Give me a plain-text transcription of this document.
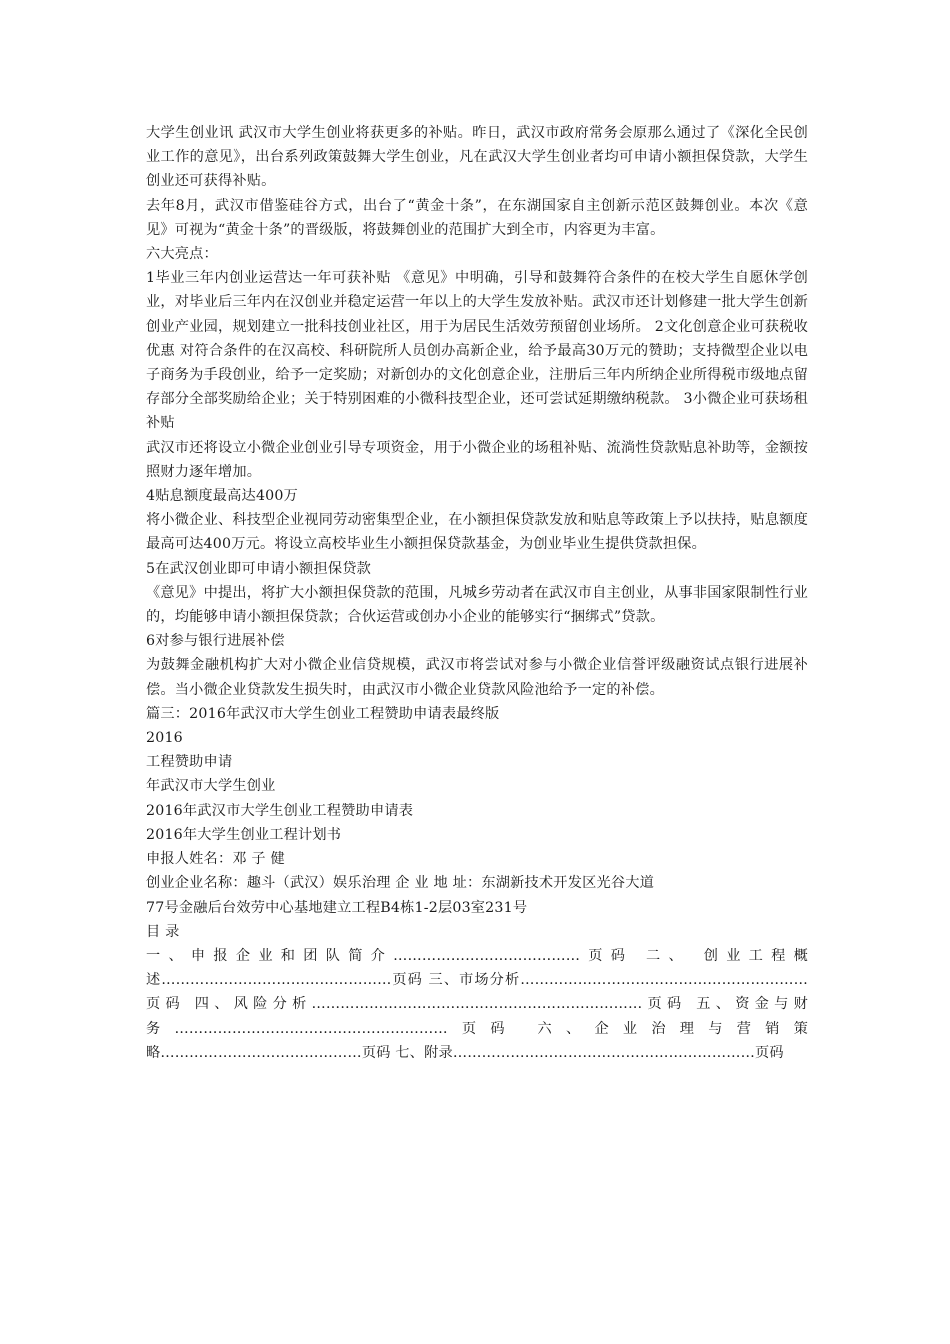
大学生创业讯 武汉市大学生创业将获更多的补贴。昨日，武汉市政府常务会原那么通过了《深化全民创业工作的意见》，出台系列政策鼓舞大学生创业，凡在武汉大学生创业者均可申请小额担保贷款，大学生创业还可获得补贴。

去年8月，武汉市借鉴硅谷方式，出台了“黄金十条”，在东湖国家自主创新示范区鼓舞创业。本次《意见》可视为“黄金十条”的晋级版，将鼓舞创业的范围扩大到全市，内容更为丰富。

六大亮点：

1毕业三年内创业运营达一年可获补贴 《意见》中明确，引导和鼓舞符合条件的在校大学生自愿休学创业，对毕业后三年内在汉创业并稳定运营一年以上的大学生发放补贴。武汉市还计划修建一批大学生创新创业产业园，规划建立一批科技创业社区，用于为居民生活效劳预留创业场所。 2文化创意企业可获税收优惠 对符合条件的在汉高校、科研院所人员创办高新企业，给予最高30万元的赞助；支持微型企业以电子商务为手段创业，给予一定奖励；对新创办的文化创意企业，注册后三年内所纳企业所得税市级地点留存部分全部奖励给企业；关于特别困难的小微科技型企业，还可尝试延期缴纳税款。 3小微企业可获场租补贴

武汉市还将设立小微企业创业引导专项资金，用于小微企业的场租补贴、流淌性贷款贴息补助等，金额按照财力逐年增加。

4贴息额度最高达400万

将小微企业、科技型企业视同劳动密集型企业，在小额担保贷款发放和贴息等政策上予以扶持，贴息额度最高可达400万元。将设立高校毕业生小额担保贷款基金，为创业毕业生提供贷款担保。

5在武汉创业即可申请小额担保贷款

《意见》中提出，将扩大小额担保贷款的范围，凡城乡劳动者在武汉市自主创业，从事非国家限制性行业的，均能够申请小额担保贷款；合伙运营或创办小企业的能够实行“捆绑式”贷款。

6对参与银行进展补偿

为鼓舞金融机构扩大对小微企业信贷规模，武汉市将尝试对参与小微企业信誉评级融资试点银行进展补偿。当小微企业贷款发生损失时，由武汉市小微企业贷款风险池给予一定的补偿。

篇三：2016年武汉市大学生创业工程赞助申请表最终版

2016

工程赞助申请

年武汉市大学生创业

2016年武汉市大学生创业工程赞助申请表

2016年大学生创业工程计划书

申报人姓名：邓 子 健

创业企业名称：趣斗（武汉）娱乐治理 企 业 地 址：东湖新技术开发区光谷大道

77号金融后台效劳中心基地建立工程B4栋1-2层03室231号

目 录

一、申报企业和团队简介…………………………………页码 二、 创业工程概述…………………………………………页码 三、市场分析……………………………………………………页码 四、风险分析……………………………………………………………页码 五、资金与财务…………………………………………………页码 六、企业治理与营销策略……………………………………页码 七、附录………………………………………………………页码
